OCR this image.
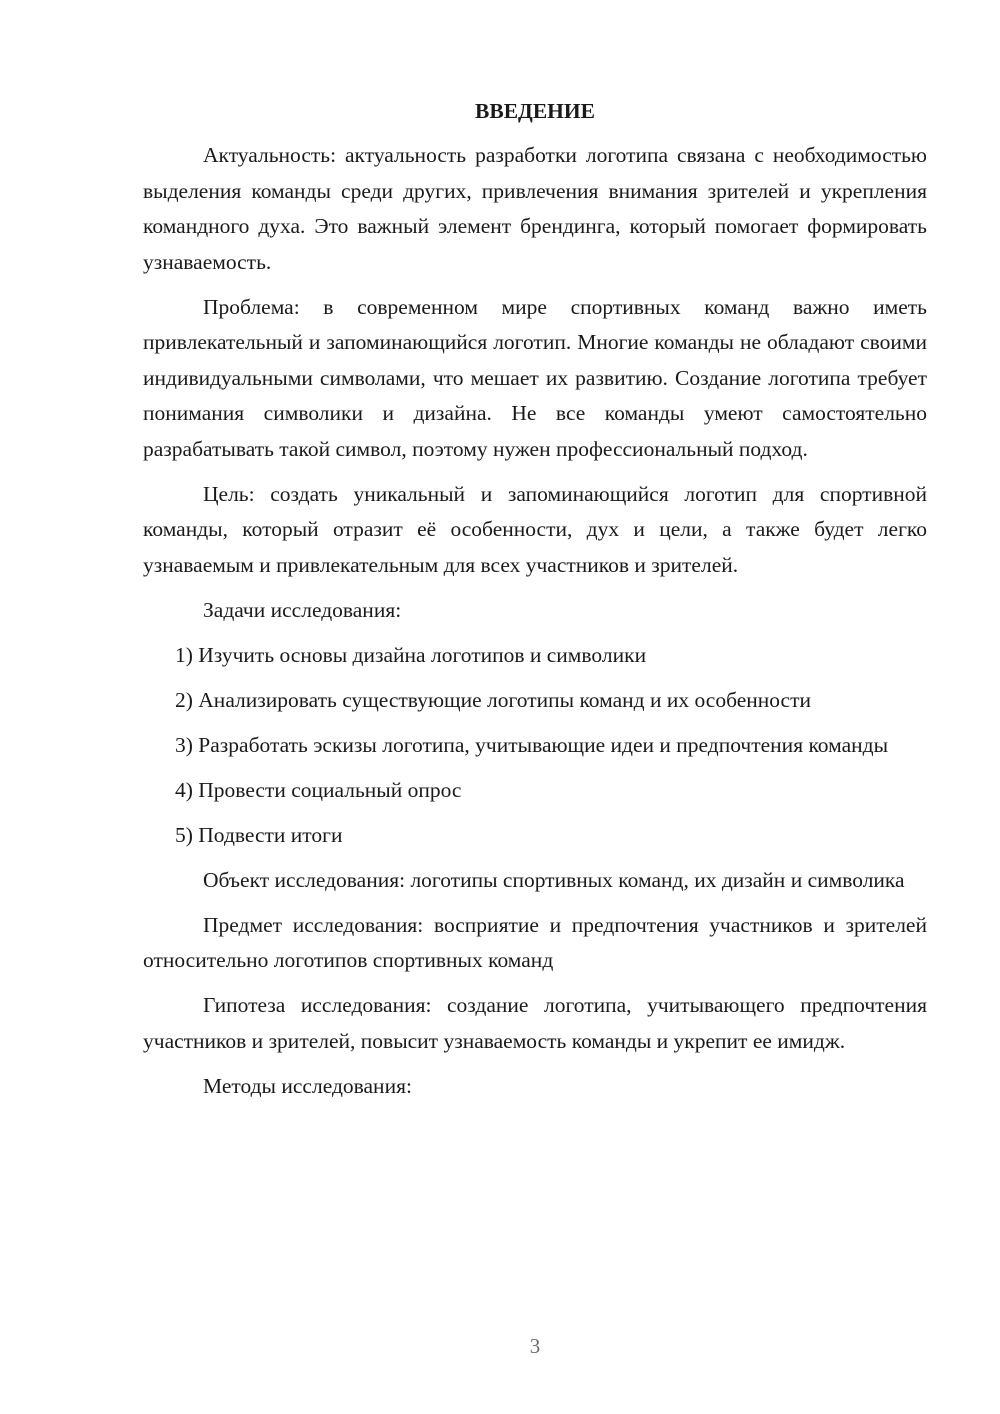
ВВЕДЕНИЕ

Актуальность: актуальность разработки логотипа связана с необходимостью выделения команды среди других, привлечения внимания зрителей и укрепления командного духа. Это важный элемент брендинга, который помогает формировать узнаваемость.

Проблема: в современном мире спортивных команд важно иметь привлекательный и запоминающийся логотип. Многие команды не обладают своими индивидуальными символами, что мешает их развитию. Создание логотипа требует понимания символики и дизайна. Не все команды умеют самостоятельно разрабатывать такой символ, поэтому нужен профессиональный подход.

Цель: создать уникальный и запоминающийся логотип для спортивной команды, который отразит её особенности, дух и цели, а также будет легко узнаваемым и привлекательным для всех участников и зрителей.

Задачи исследования:

1) Изучить основы дизайна логотипов и символики

2) Анализировать существующие логотипы команд и их особенности

3) Разработать эскизы логотипа, учитывающие идеи и предпочтения команды

4) Провести социальный опрос

5) Подвести итоги

Объект исследования: логотипы спортивных команд, их дизайн и символика

Предмет исследования: восприятие и предпочтения участников и зрителей относительно логотипов спортивных команд

Гипотеза исследования: создание логотипа, учитывающего предпочтения участников и зрителей, повысит узнаваемость команды и укрепит ее имидж.

Методы исследования:

3
